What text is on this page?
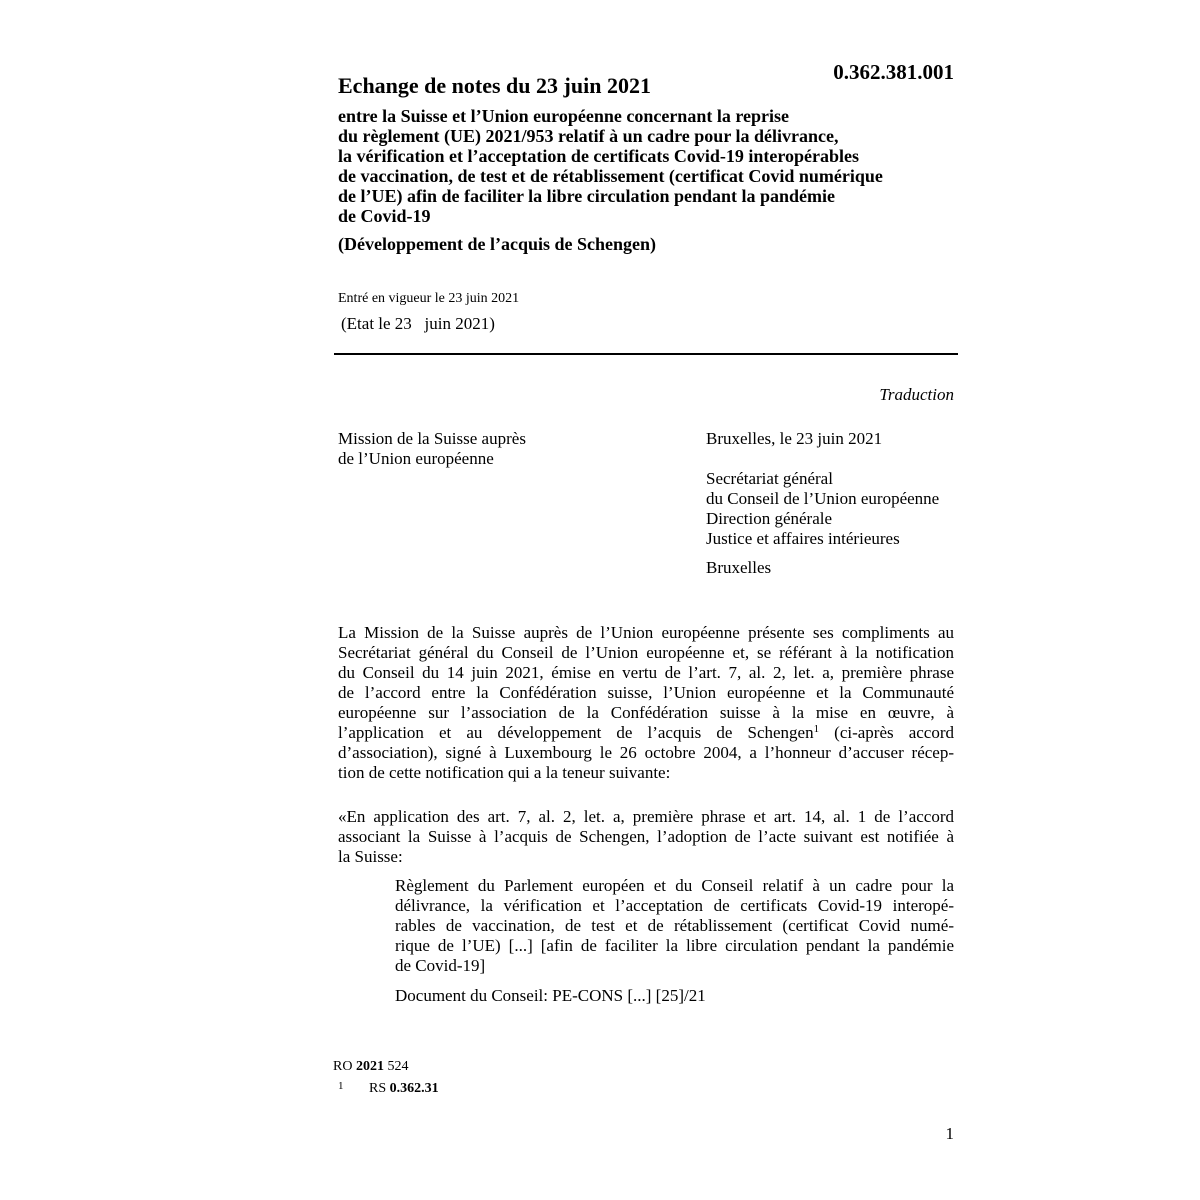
0.362.381.001
Echange de notes du 23 juin 2021
entre la Suisse et l’Union européenne concernant la reprise
du règlement (UE) 2021/953 relatif à un cadre pour la délivrance,
la vérification et l’acceptation de certificats Covid-19 interopérables
de vaccination, de test et de rétablissement (certificat Covid numérique
de l’UE) afin de faciliter la libre circulation pendant la pandémie
de Covid-19
(Développement de l’acquis de Schengen)
Entré en vigueur le 23 juin 2021
(Etat le 23   juin 2021)
Traduction
Mission de la Suisse auprès
de l’Union européenne
Bruxelles, le 23 juin 2021
Secrétariat général
du Conseil de l’Union européenne
Direction générale
Justice et affaires intérieures
Bruxelles
La Mission de la Suisse auprès de l’Union européenne présente ses compliments au
Secrétariat général du Conseil de l’Union européenne et, se référant à la notification
du Conseil du 14 juin 2021, émise en vertu de l’art. 7, al. 2, let. a, première phrase
de l’accord entre la Confédération suisse, l’Union européenne et la Communauté
européenne sur l’association de la Confédération suisse à la mise en œuvre, à
l’application et au développement de l’acquis de Schengen$^1$ (ci-après accord
d’association), signé à Luxembourg le 26 octobre 2004, a l’honneur d’accuser récep-
tion de cette notification qui a la teneur suivante:
«En application des art. 7, al. 2, let. a, première phrase et art. 14, al. 1 de l’accord
associant la Suisse à l’acquis de Schengen, l’adoption de l’acte suivant est notifiée à
la Suisse:
Règlement du Parlement européen et du Conseil relatif à un cadre pour la
délivrance, la vérification et l’acceptation de certificats Covid-19 interopé-
rables de vaccination, de test et de rétablissement (certificat Covid numé-
rique de l’UE) [...] [afin de faciliter la libre circulation pendant la pandémie
de Covid-19]
Document du Conseil: PE-CONS [...] [25]/21
RO 2021 524
1 RS 0.362.31
1
